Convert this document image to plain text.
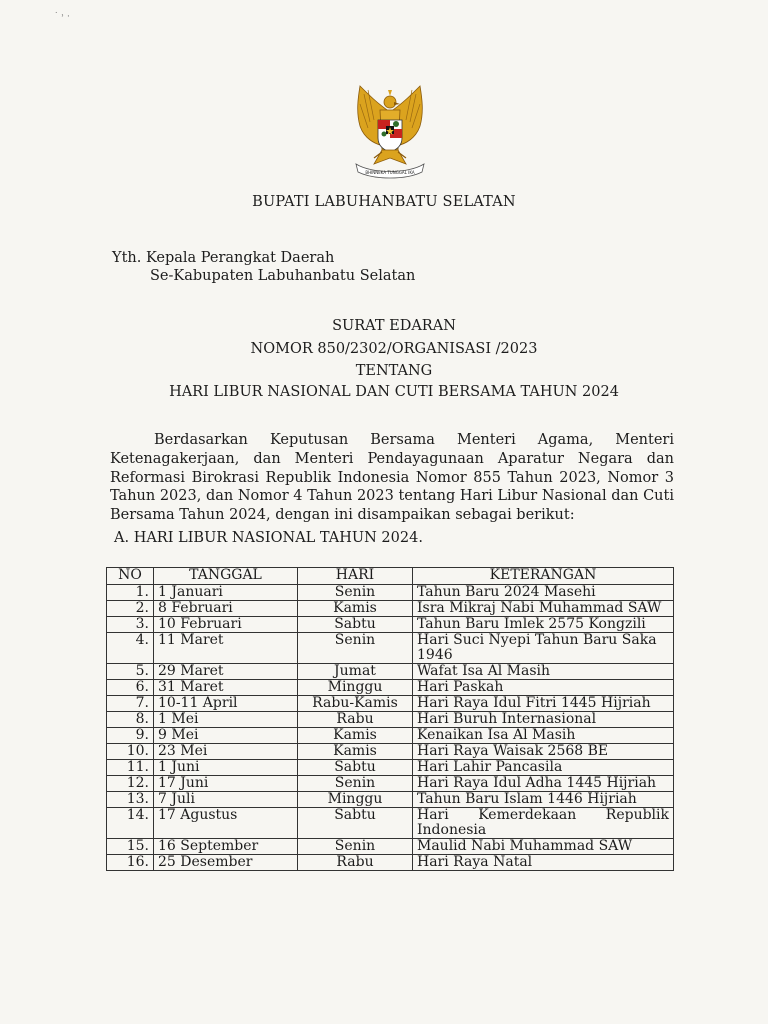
˙ ˒ ·
BHINNEKA TUNGGAL IKA
BUPATI LABUHANBATU SELATAN
Yth. Kepala Perangkat Daerah
Se-Kabupaten Labuhanbatu Selatan
SURAT EDARAN
NOMOR 850/2302/ORGANISASI /2023
TENTANG
HARI LIBUR NASIONAL DAN CUTI BERSAMA TAHUN 2024
Berdasarkan Keputusan Bersama Menteri Agama, Menteri Ketenagakerjaan, dan Menteri Pendayagunaan Aparatur Negara dan Reformasi Birokrasi Republik Indonesia Nomor 855 Tahun 2023, Nomor 3 Tahun 2023, dan Nomor 4 Tahun 2023 tentang Hari Libur Nasional dan Cuti Bersama Tahun 2024, dengan ini disampaikan sebagai berikut:
A. HARI LIBUR NASIONAL TAHUN 2024.
NO	TANGGAL	HARI	KETERANGAN
1.	1 Januari	Senin	Tahun Baru 2024 Masehi
2.	8 Februari	Kamis	Isra Mikraj Nabi Muhammad SAW
3.	10 Februari	Sabtu	Tahun Baru Imlek 2575 Kongzili
4.	11 Maret	Senin	Hari Suci Nyepi Tahun Baru Saka 1946
5.	29 Maret	Jumat	Wafat Isa Al Masih
6.	31 Maret	Minggu	Hari Paskah
7.	10-11 April	Rabu-Kamis	Hari Raya Idul Fitri 1445 Hijriah
8.	1 Mei	Rabu	Hari Buruh Internasional
9.	9 Mei	Kamis	Kenaikan Isa Al Masih
10.	23 Mei	Kamis	Hari Raya Waisak 2568 BE
11.	1 Juni	Sabtu	Hari Lahir Pancasila
12.	17 Juni	Senin	Hari Raya Idul Adha 1445 Hijriah
13.	7 Juli	Minggu	Tahun Baru Islam 1446 Hijriah
14.	17 Agustus	Sabtu	Hari Kemerdekaan Republik Indonesia
15.	16 September	Senin	Maulid Nabi Muhammad SAW
16.	25 Desember	Rabu	Hari Raya Natal
